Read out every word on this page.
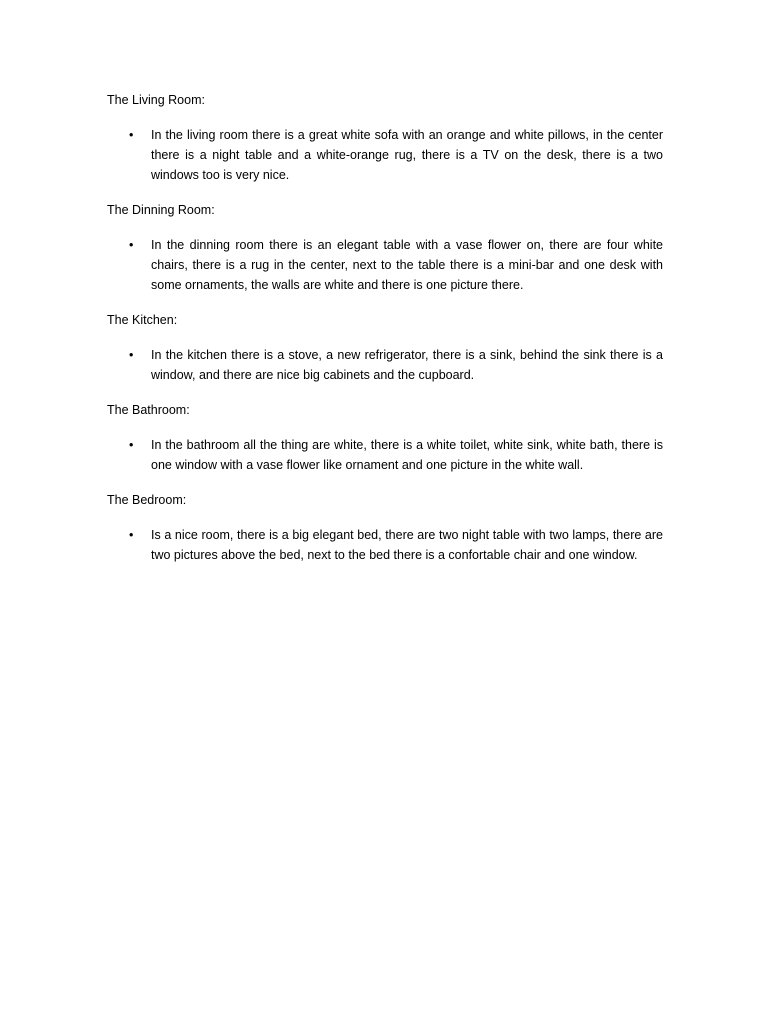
The Living Room:
• In the living room there is a great white sofa with an orange and white pillows, in the center there is a night table and a white-orange rug, there is a TV on the desk, there is a two windows too is very nice.

The Dinning Room:
• In the dinning room there is an elegant table with a vase flower on, there are four white chairs, there is a rug in the center, next to the table there is a mini-bar and one desk with some ornaments, the walls are white and there is one picture there.

The Kitchen:
• In the kitchen there is a stove, a new refrigerator, there is a sink, behind the sink there is a window, and there are nice big cabinets and the cupboard.

The Bathroom:
• In the bathroom all the thing are white, there is a white toilet, white sink, white bath, there is one window with a vase flower like ornament and one picture in the white wall.

The Bedroom:
• Is a nice room, there is a big elegant bed, there are two night table with two lamps, there are two pictures above the bed, next to the bed there is a confortable chair and one window.
